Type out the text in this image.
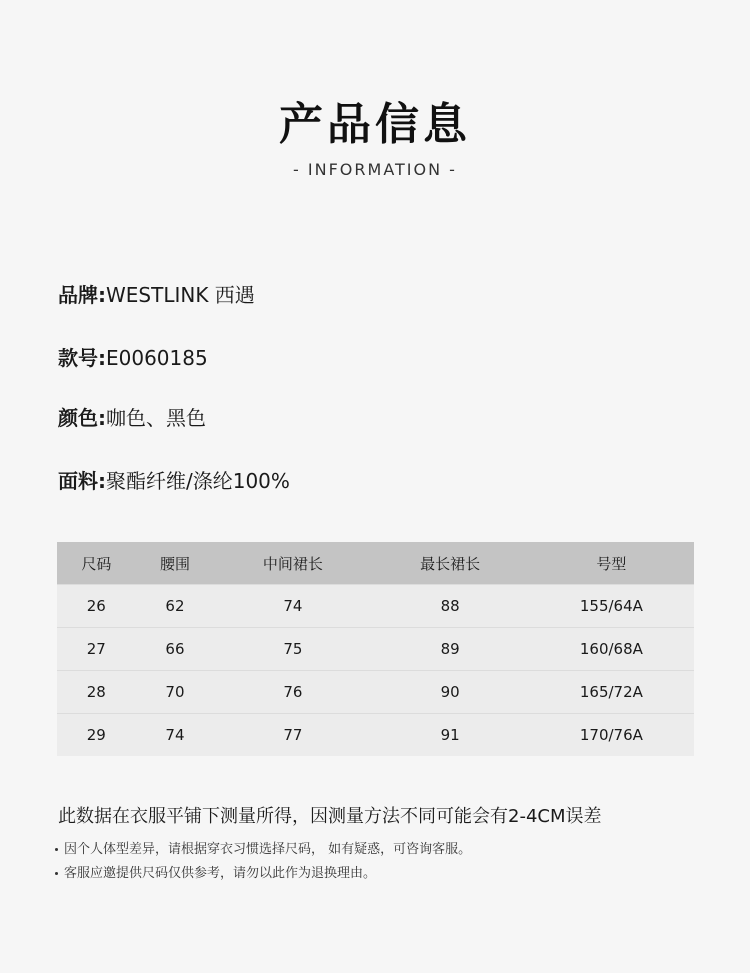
产品信息
- INFORMATION -
品牌:WESTLINK 西遇
款号:E0060185
颜色:咖色、黑色
面料:聚酯纤维/涤纶100%
尺码	腰围	中间裙长	最长裙长	号型
26	62	74	88	155/64A
27	66	75	89	160/68A
28	70	76	90	165/72A
29	74	77	91	170/76A
此数据在衣服平铺下测量所得，因测量方法不同可能会有2-4CM误差
因个人体型差异，请根据穿衣习惯选择尺码， 如有疑惑，可咨询客服。
客服应邀提供尺码仅供参考，请勿以此作为退换理由。
